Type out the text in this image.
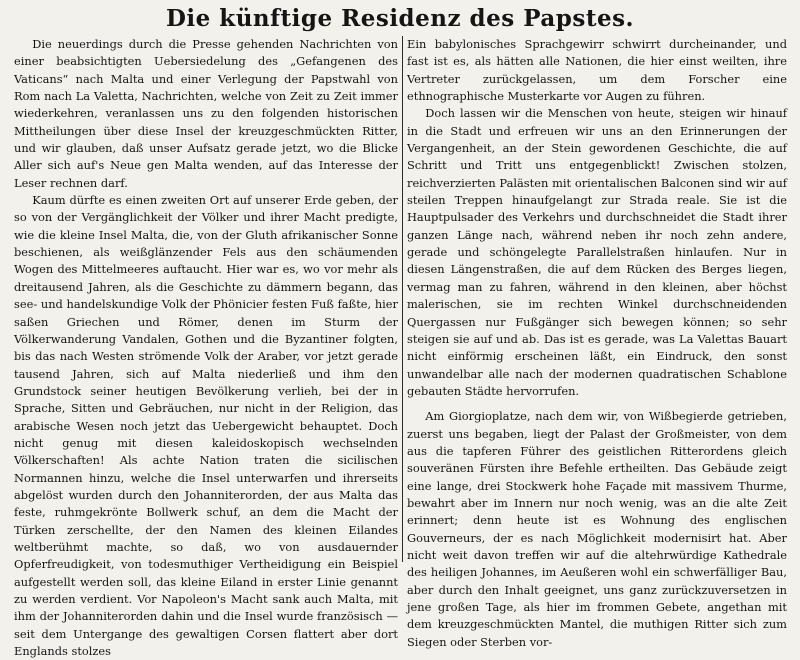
Die künftige Residenz des Papstes.

Die neuerdings durch die Presse gehenden Nachrichten von einer beabsichtigten Uebersiedelung des „Gefangenen des Vaticans“ nach Malta und einer Verlegung der Papstwahl von Rom nach La Valetta, Nachrichten, welche von Zeit zu Zeit immer wiederkehren, veranlassen uns zu den folgenden historischen Mittheilungen über diese Insel der kreuzgeschmückten Ritter, und wir glauben, daß unser Aufsatz gerade jetzt, wo die Blicke Aller sich auf's Neue gen Malta wenden, auf das Interesse der Leser rechnen darf.

Kaum dürfte es einen zweiten Ort auf unserer Erde geben, der so von der Vergänglichkeit der Völker und ihrer Macht predigte, wie die kleine Insel Malta, die, von der Gluth afrikanischer Sonne beschienen, als weißglänzender Fels aus den schäumenden Wogen des Mittelmeeres auftaucht. Hier war es, wo vor mehr als dreitausend Jahren, als die Geschichte zu dämmern begann, das see- und handelskundige Volk der Phönicier festen Fuß faßte, hier saßen Griechen und Römer, denen im Sturm der Völkerwanderung Vandalen, Gothen und die Byzantiner folgten, bis das nach Westen strömende Volk der Araber, vor jetzt gerade tausend Jahren, sich auf Malta niederließ und ihm den Grundstock seiner heutigen Bevölkerung verlieh, bei der in Sprache, Sitten und Gebräuchen, nur nicht in der Religion, das arabische Wesen noch jetzt das Uebergewicht behauptet. Doch nicht genug mit diesen kaleidoskopisch wechselnden Völkerschaften! Als achte Nation traten die sicilischen Normannen hinzu, welche die Insel unterwarfen und ihrerseits abgelöst wurden durch den Johanniterorden, der aus Malta das feste, ruhmgekrönte Bollwerk schuf, an dem die Macht der Türken zerschellte, der den Namen des kleinen Eilandes weltberühmt machte, so daß, wo von ausdauernder Opferfreudigkeit, von todesmuthiger Vertheidigung ein Beispiel aufgestellt werden soll, das kleine Eiland in erster Linie genannt zu werden verdient. Vor Napoleon's Macht sank auch Malta, mit ihm der Johanniterorden dahin und die Insel wurde französisch — seit dem Untergange des gewaltigen Corsen flattert aber dort Englands stolzes

Ein babylonisches Sprachgewirr schwirrt durcheinander, und fast ist es, als hätten alle Nationen, die hier einst weilten, ihre Vertreter zurückgelassen, um dem Forscher eine ethnographische Musterkarte vor Augen zu führen.

Doch lassen wir die Menschen von heute, steigen wir hinauf in die Stadt und erfreuen wir uns an den Erinnerungen der Vergangenheit, an der Stein gewordenen Geschichte, die auf Schritt und Tritt uns entgegenblickt! Zwischen stolzen, reichverzierten Palästen mit orientalischen Balconen sind wir auf steilen Treppen hinaufgelangt zur Strada reale. Sie ist die Hauptpulsader des Verkehrs und durchschneidet die Stadt ihrer ganzen Länge nach, während neben ihr noch zehn andere, gerade und schöngelegte Parallelstraßen hinlaufen. Nur in diesen Längenstraßen, die auf dem Rücken des Berges liegen, vermag man zu fahren, während in den kleinen, aber höchst malerischen, sie im rechten Winkel durchschneidenden Quergassen nur Fußgänger sich bewegen können; so sehr steigen sie auf und ab. Das ist es gerade, was La Valettas Bauart nicht einförmig erscheinen läßt, ein Eindruck, den sonst unwandelbar alle nach der modernen quadratischen Schablone gebauten Städte hervorrufen.

Am Giorgioplatze, nach dem wir, von Wißbegierde getrieben, zuerst uns begaben, liegt der Palast der Großmeister, von dem aus die tapferen Führer des geistlichen Ritterordens gleich souveränen Fürsten ihre Befehle ertheilten. Das Gebäude zeigt eine lange, drei Stockwerk hohe Façade mit massivem Thurme, bewahrt aber im Innern nur noch wenig, was an die alte Zeit erinnert; denn heute ist es Wohnung des englischen Gouverneurs, der es nach Möglichkeit modernisirt hat. Aber nicht weit davon treffen wir auf die altehrwürdige Kathedrale des heiligen Johannes, im Aeußeren wohl ein schwerfälliger Bau, aber durch den Inhalt geeignet, uns ganz zurückzuversetzen in jene großen Tage, als hier im frommen Gebete, angethan mit dem kreuzgeschmückten Mantel, die muthigen Ritter sich zum Siegen oder Sterben vor-
